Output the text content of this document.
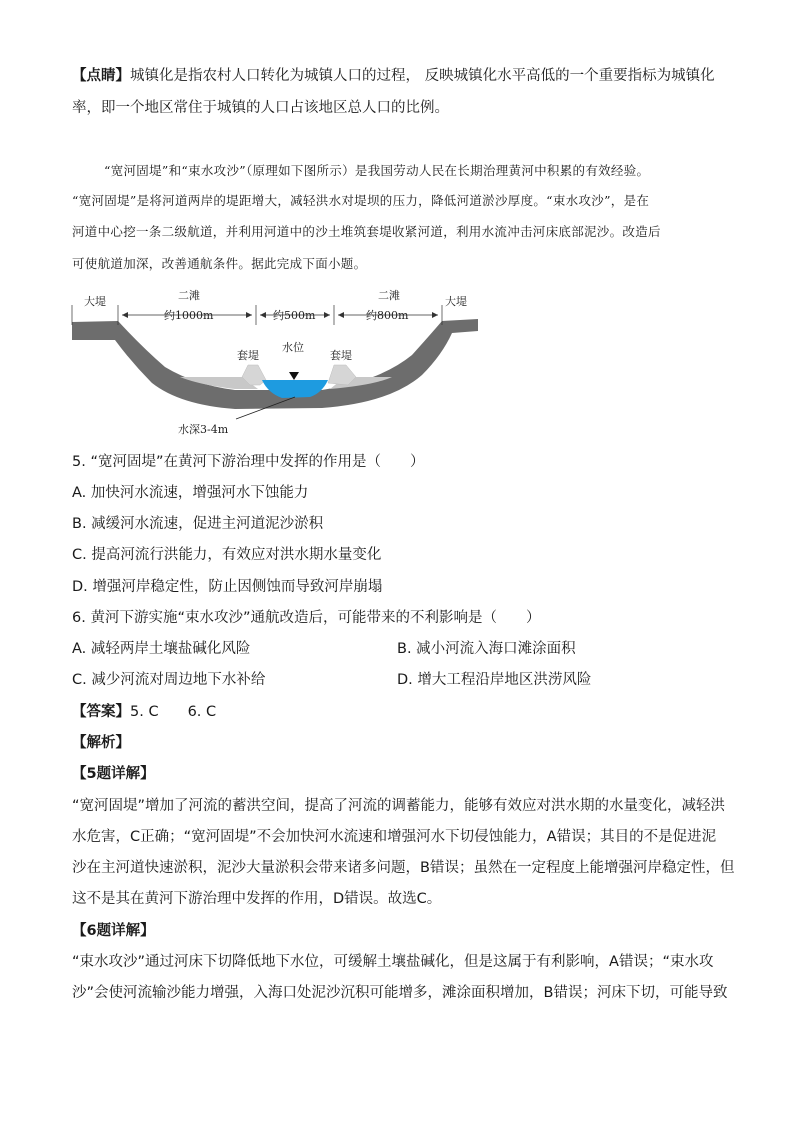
【点睛】城镇化是指农村人口转化为城镇人口的过程， 反映城镇化水平高低的一个重要指标为城镇化
率，即一个地区常住于城镇的人口占该地区总人口的比例。
“宽河固堤”和“束水攻沙”（原理如下图所示）是我国劳动人民在长期治理黄河中积累的有效经验。
“宽河固堤”是将河道两岸的堤距增大，减轻洪水对堤坝的压力，降低河道淤沙厚度。“束水攻沙”，是在
河道中心挖一条二级航道，并利用河道中的沙土堆筑套堤收紧河道，利用水流冲击河床底部泥沙。改造后
可使航道加深，改善通航条件。据此完成下面小题。
大堤	大堤
二滩	二滩
约1000m	约500m	约800m
套堤	套堤
水位
水深3-4m
5. “宽河固堤”在黄河下游治理中发挥的作用是（　　）
A. 加快河水流速，增强河水下蚀能力
B. 减缓河水流速，促进主河道泥沙淤积
C. 提高河流行洪能力，有效应对洪水期水量变化
D. 增强河岸稳定性，防止因侧蚀而导致河岸崩塌
6. 黄河下游实施“束水攻沙”通航改造后，可能带来的不利影响是（　　）
A. 减轻两岸土壤盐碱化风险	B. 减小河流入海口滩涂面积
C. 减少河流对周边地下水补给	D. 增大工程沿岸地区洪涝风险
【答案】5. C　　6. C
【解析】
【5题详解】
“宽河固堤”增加了河流的蓄洪空间，提高了河流的调蓄能力，能够有效应对洪水期的水量变化，减轻洪
水危害，C正确；“宽河固堤”不会加快河水流速和增强河水下切侵蚀能力，A错误；其目的不是促进泥
沙在主河道快速淤积，泥沙大量淤积会带来诸多问题，B错误；虽然在一定程度上能增强河岸稳定性，但
这不是其在黄河下游治理中发挥的作用，D错误。故选C。
【6题详解】
“束水攻沙”通过河床下切降低地下水位，可缓解土壤盐碱化，但是这属于有利影响，A错误；“束水攻
沙”会使河流输沙能力增强，入海口处泥沙沉积可能增多，滩涂面积增加，B错误；河床下切，可能导致
